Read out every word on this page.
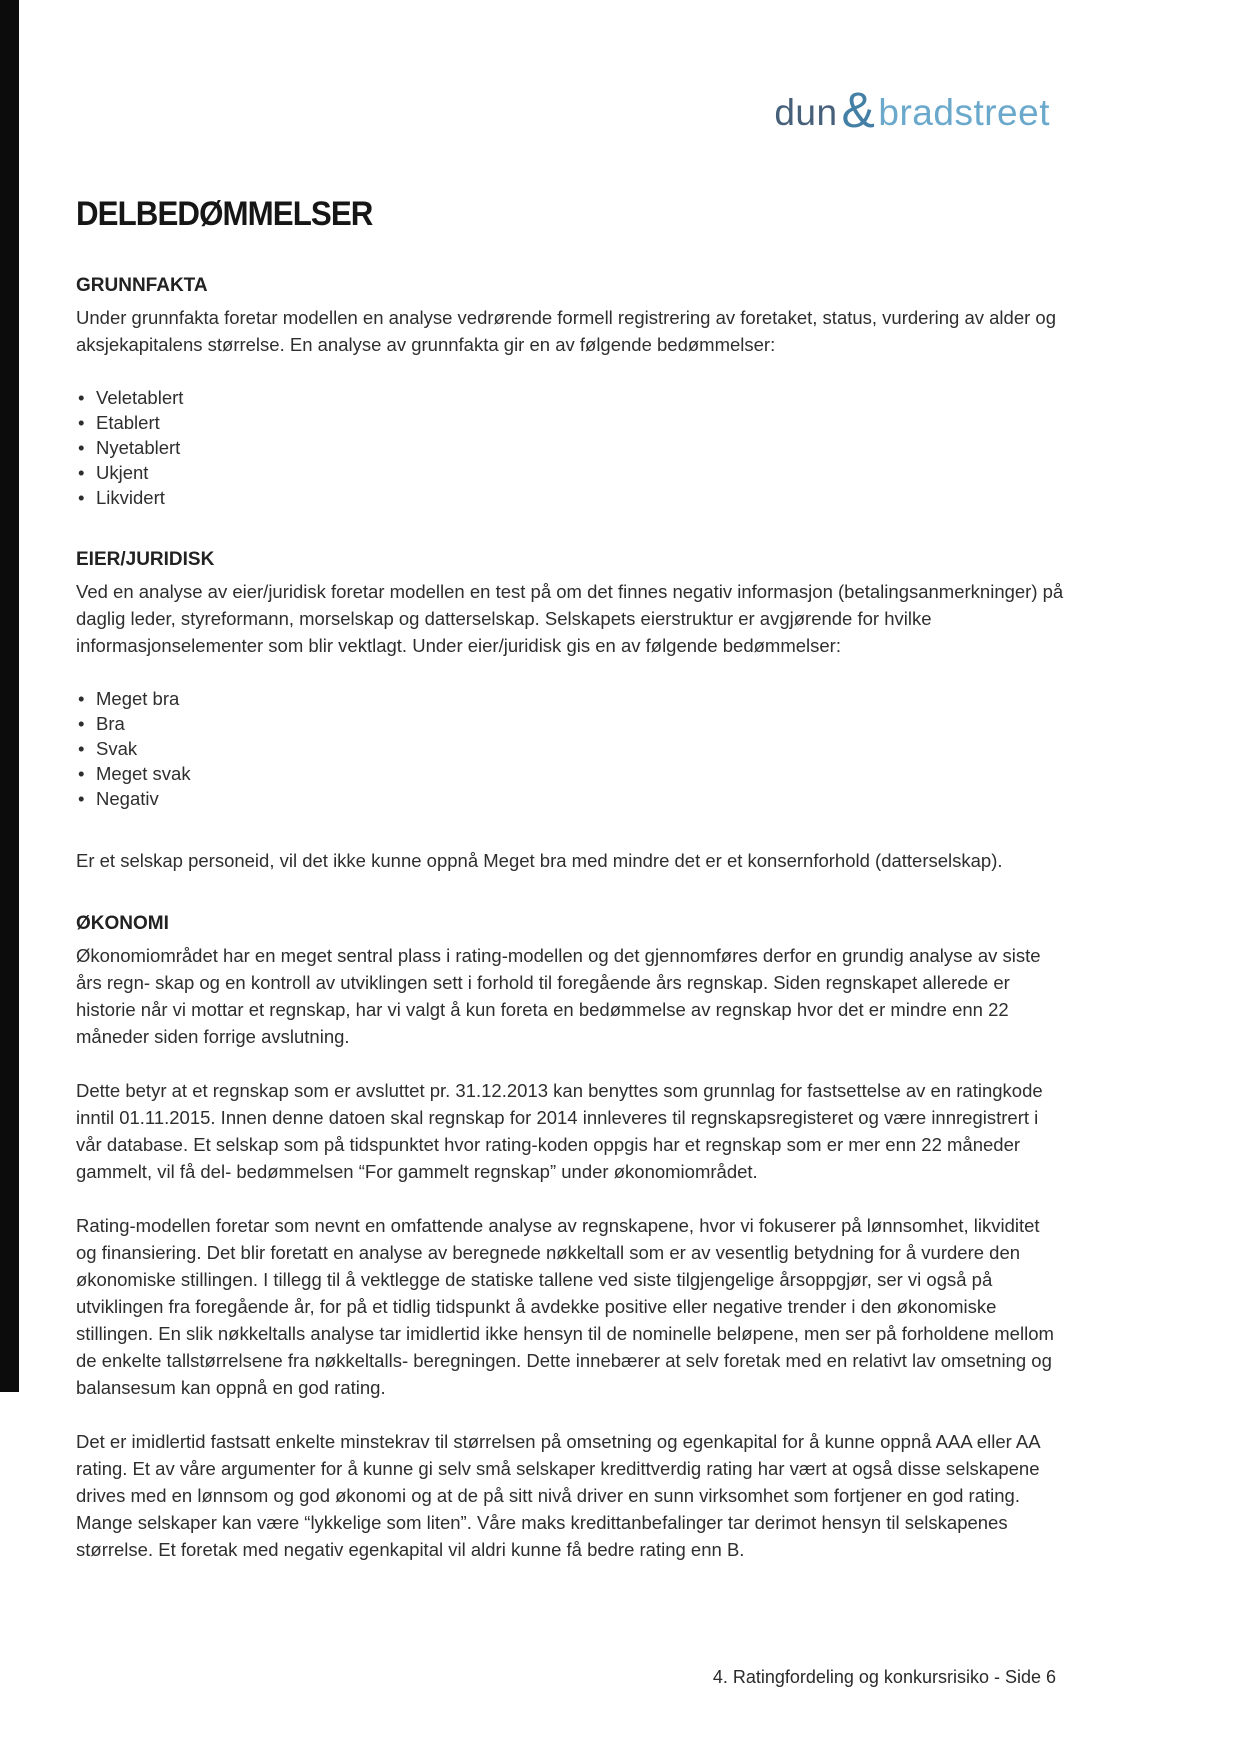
dun & bradstreet
DELBEDØMMELSER
GRUNNFAKTA

Under grunnfakta foretar modellen en analyse vedrørende formell registrering av foretaket, status, vurdering av alder og aksjekapitalens størrelse. En analyse av grunnfakta gir en av følgende bedømmelser:

• Veletablert
• Etablert
• Nyetablert
• Ukjent
• Likvidert
EIER/JURIDISK

Ved en analyse av eier/juridisk foretar modellen en test på om det finnes negativ informasjon (betalingsanmerkninger) på daglig leder, styreformann, morselskap og datterselskap. Selskapets eierstruktur er avgjørende for hvilke informasjonselementer som blir vektlagt. Under eier/juridisk gis en av følgende bedømmelser:

• Meget bra
• Bra
• Svak
• Meget svak
• Negativ

Er et selskap personeid, vil det ikke kunne oppnå Meget bra med mindre det er et konsernforhold (datterselskap).

ØKONOMI

Økonomiområdet har en meget sentral plass i rating-modellen og det gjennomføres derfor en grundig analyse av siste års regn- skap og en kontroll av utviklingen sett i forhold til foregående års regnskap. Siden regnskapet allerede er historie når vi mottar et regnskap, har vi valgt å kun foreta en bedømmelse av regnskap hvor det er mindre enn 22 måneder siden forrige avslutning.

Dette betyr at et regnskap som er avsluttet pr. 31.12.2013 kan benyttes som grunnlag for fastsettelse av en ratingkode inntil 01.11.2015. Innen denne datoen skal regnskap for 2014 innleveres til regnskapsregisteret og være innregistrert i vår database. Et selskap som på tidspunktet hvor rating-koden oppgis har et regnskap som er mer enn 22 måneder gammelt, vil få del- bedømmelsen “For gammelt regnskap” under økonomiområdet.

Rating-modellen foretar som nevnt en omfattende analyse av regnskapene, hvor vi fokuserer på lønnsomhet, likviditet og finansiering. Det blir foretatt en analyse av beregnede nøkkeltall som er av vesentlig betydning for å vurdere den økonomiske stillingen. I tillegg til å vektlegge de statiske tallene ved siste tilgjengelige årsoppgjør, ser vi også på utviklingen fra foregående år, for på et tidlig tidspunkt å avdekke positive eller negative trender i den økonomiske stillingen. En slik nøkkeltalls analyse tar imidlertid ikke hensyn til de nominelle beløpene, men ser på forholdene mellom de enkelte tallstørrelsene fra nøkkeltalls- beregningen. Dette innebærer at selv foretak med en relativt lav omsetning og balansesum kan oppnå en god rating.

Det er imidlertid fastsatt enkelte minstekrav til størrelsen på omsetning og egenkapital for å kunne oppnå AAA eller AA rating. Et av våre argumenter for å kunne gi selv små selskaper kredittverdig rating har vært at også disse selskapene drives med en lønnsom og god økonomi og at de på sitt nivå driver en sunn virksomhet som fortjener en god rating. Mange selskaper kan være “lykkelige som liten”. Våre maks kredittanbefalinger tar derimot hensyn til selskapenes størrelse. Et foretak med negativ egenkapital vil aldri kunne få bedre rating enn B.

4. Ratingfordeling og konkursrisiko - Side 6
